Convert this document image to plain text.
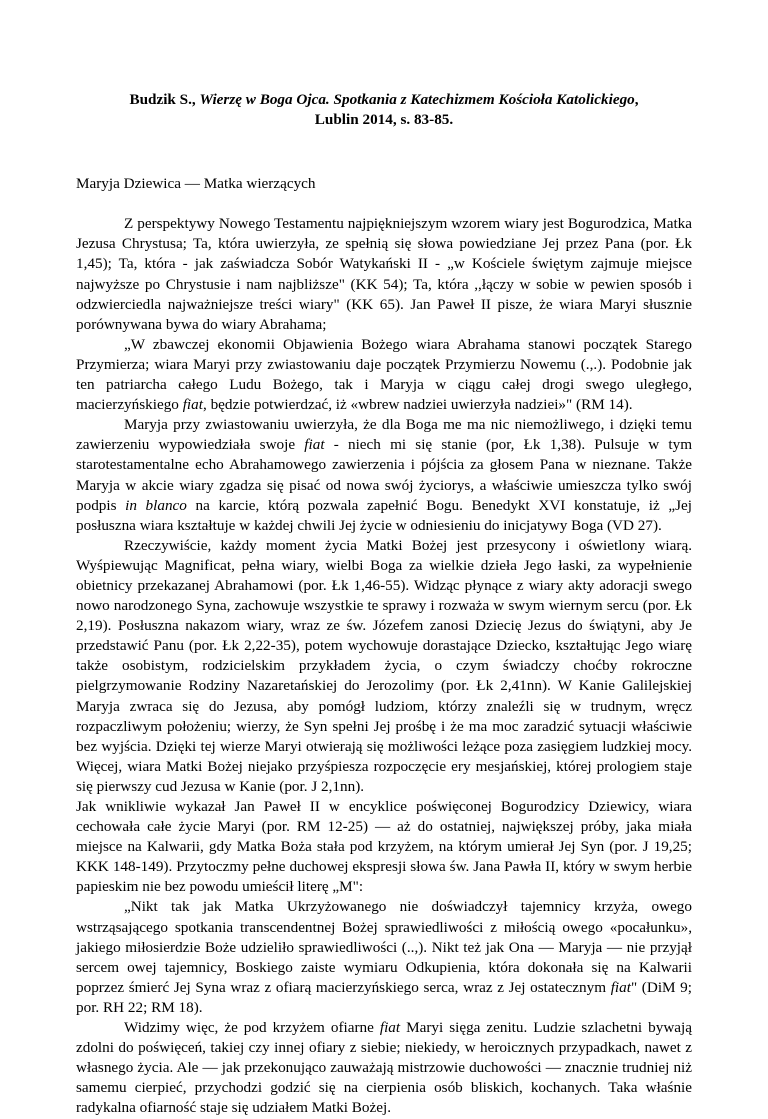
Budzik S., Wierzę w Boga Ojca. Spotkania z Katechizmem Kościoła Katolickiego,
Lublin 2014, s. 83-85.
Maryja Dziewica — Matka wierzących

Z perspektywy Nowego Testamentu najpiękniejszym wzorem wiary jest Bogurodzica, Matka Jezusa Chrystusa; Ta, która uwierzyła, ze spełnią się słowa powiedziane Jej przez Pana (por. Łk 1,45); Ta, która - jak zaświadcza Sobór Watykański II - „w Kościele świętym zajmuje miejsce najwyższe po Chrystusie i nam najbliższe" (KK 54); Ta, która ,,łączy w sobie w pewien sposób i odzwierciedla najważniejsze treści wiary" (KK 65). Jan Paweł II pisze, że wiara Maryi słusznie porównywana bywa do wiary Abrahama;

„W zbawczej ekonomii Objawienia Bożego wiara Abrahama stanowi początek Starego Przymierza; wiara Maryi przy zwiastowaniu daje początek Przymierzu Nowemu (.,.). Podobnie jak ten patriarcha całego Ludu Bożego, tak i Maryja w ciągu całej drogi swego uległego, macierzyńskiego fiat, będzie potwierdzać, iż «wbrew nadziei uwierzyła nadziei»" (RM 14).

Maryja przy zwiastowaniu uwierzyła, że dla Boga me ma nic niemożliwego, i dzięki temu zawierzeniu wypowiedziała swoje fiat - niech mi się stanie (por, Łk 1,38). Pulsuje w tym starotestamentalne echo Abrahamowego zawierzenia i pójścia za głosem Pana w nieznane. Także Maryja w akcie wiary zgadza się pisać od nowa swój życiorys, a właściwie umieszcza tylko swój podpis in blanco na karcie, którą pozwala zapełnić Bogu. Benedykt XVI konstatuje, iż „Jej posłuszna wiara kształtuje w każdej chwili Jej życie w odniesieniu do inicjatywy Boga (VD 27).

Rzeczywiście, każdy moment życia Matki Bożej jest przesycony i oświetlony wiarą. Wyśpiewując Magnificat, pełna wiary, wielbi Boga za wielkie dzieła Jego łaski, za wypełnienie obietnicy przekazanej Abrahamowi (por. Łk 1,46-55). Widząc płynące z wiary akty adoracji swego nowo narodzonego Syna, zachowuje wszystkie te sprawy i rozważa w swym wiernym sercu (por. Łk 2,19). Posłuszna nakazom wiary, wraz ze św. Józefem zanosi Dziecię Jezus do świątyni, aby Je przedstawić Panu (por. Łk 2,22-35), potem wychowuje dorastające Dziecko, kształtując Jego wiarę także osobistym, rodzicielskim przykładem życia, o czym świadczy choćby rokroczne pielgrzymowanie Rodziny Nazaretańskiej do Jerozolimy (por. Łk 2,41nn). W Kanie Galilejskiej Maryja zwraca się do Jezusa, aby pomógł ludziom, którzy znaleźli się w trudnym, wręcz rozpaczliwym położeniu; wierzy, że Syn spełni Jej prośbę i że ma moc zaradzić sytuacji właściwie bez wyjścia. Dzięki tej wierze Maryi otwierają się możliwości leżące poza zasięgiem ludzkiej mocy. Więcej, wiara Matki Bożej niejako przyśpiesza rozpoczęcie ery mesjańskiej, której prologiem staje się pierwszy cud Jezusa w Kanie (por. J 2,1nn).

Jak wnikliwie wykazał Jan Paweł II w encyklice poświęconej Bogurodzicy Dziewicy, wiara cechowała całe życie Maryi (por. RM 12-25) — aż do ostatniej, największej próby, jaka miała miejsce na Kalwarii, gdy Matka Boża stała pod krzyżem, na którym umierał Jej Syn (por. J 19,25; KKK 148-149). Przytoczmy pełne duchowej ekspresji słowa św. Jana Pawła II, który w swym herbie papieskim nie bez powodu umieścił literę „M":

„Nikt tak jak Matka Ukrzyżowanego nie doświadczył tajemnicy krzyża, owego wstrząsającego spotkania transcendentnej Bożej sprawiedliwości z miłością owego «pocałunku», jakiego miłosierdzie Boże udzieliło sprawiedliwości (..,). Nikt też jak Ona — Maryja — nie przyjął sercem owej tajemnicy, Boskiego zaiste wymiaru Odkupienia, która dokonała się na Kalwarii poprzez śmierć Jej Syna wraz z ofiarą macierzyńskiego serca, wraz z Jej ostatecznym fiat" (DiM 9; por. RH 22; RM 18).

Widzimy więc, że pod krzyżem ofiarne fiat Maryi sięga zenitu. Ludzie szlachetni bywają zdolni do poświęceń, takiej czy innej ofiary z siebie; niekiedy, w heroicznych przypadkach, nawet z własnego życia. Ale — jak przekonująco zauważają mistrzowie duchowości — znacznie trudniej niż samemu cierpieć, przychodzi godzić się na cierpienia osób bliskich, kochanych. Taka właśnie radykalna ofiarność staje się udziałem Matki Bożej.
